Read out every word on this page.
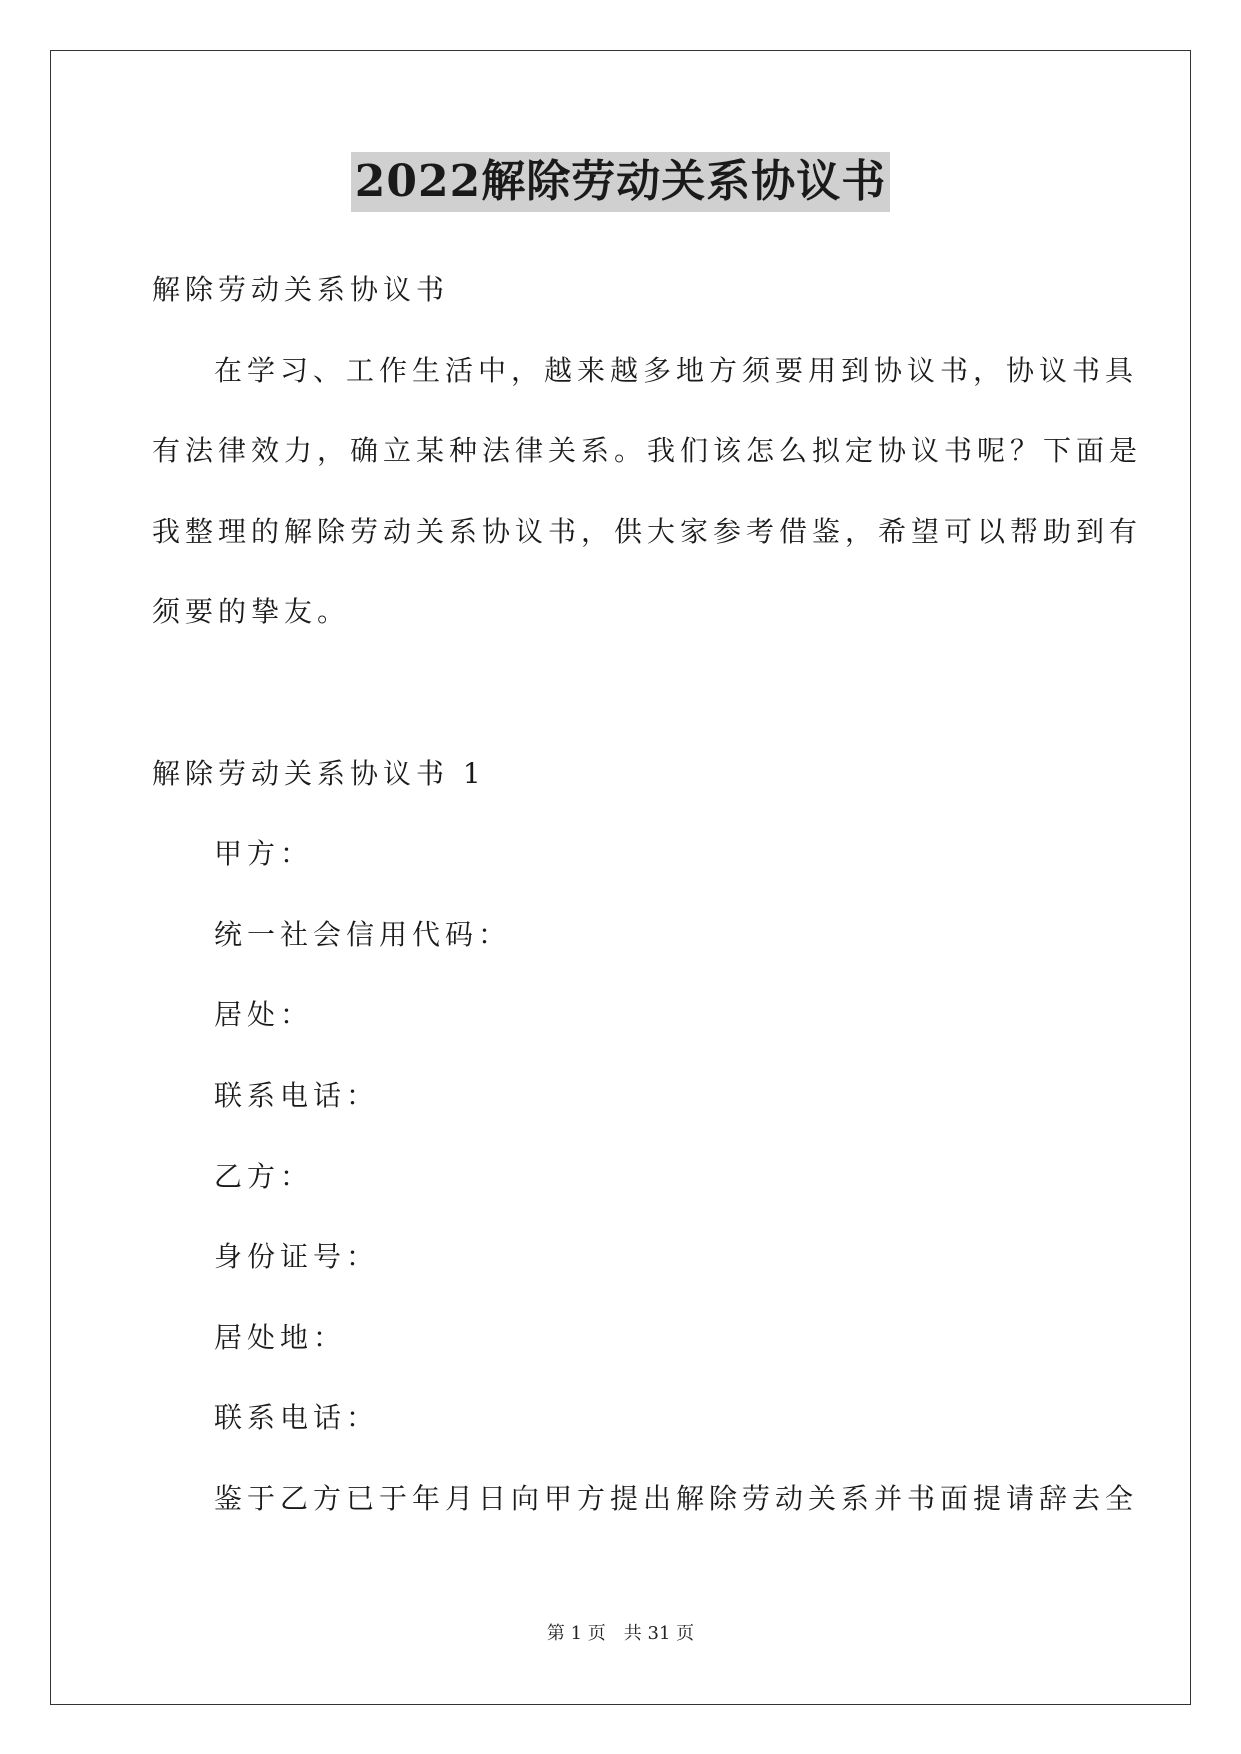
2022解除劳动关系协议书
解除劳动关系协议书
在学习、工作生活中，越来越多地方须要用到协议书，协议书具
有法律效力，确立某种法律关系。我们该怎么拟定协议书呢？下面是
我整理的解除劳动关系协议书，供大家参考借鉴，希望可以帮助到有
须要的挚友。
解除劳动关系协议书 1
甲方：
统一社会信用代码：
居处：
联系电话：
乙方：
身份证号：
居处地：
联系电话：
鉴于乙方已于年月日向甲方提出解除劳动关系并书面提请辞去全
第 1 页　共 31 页
